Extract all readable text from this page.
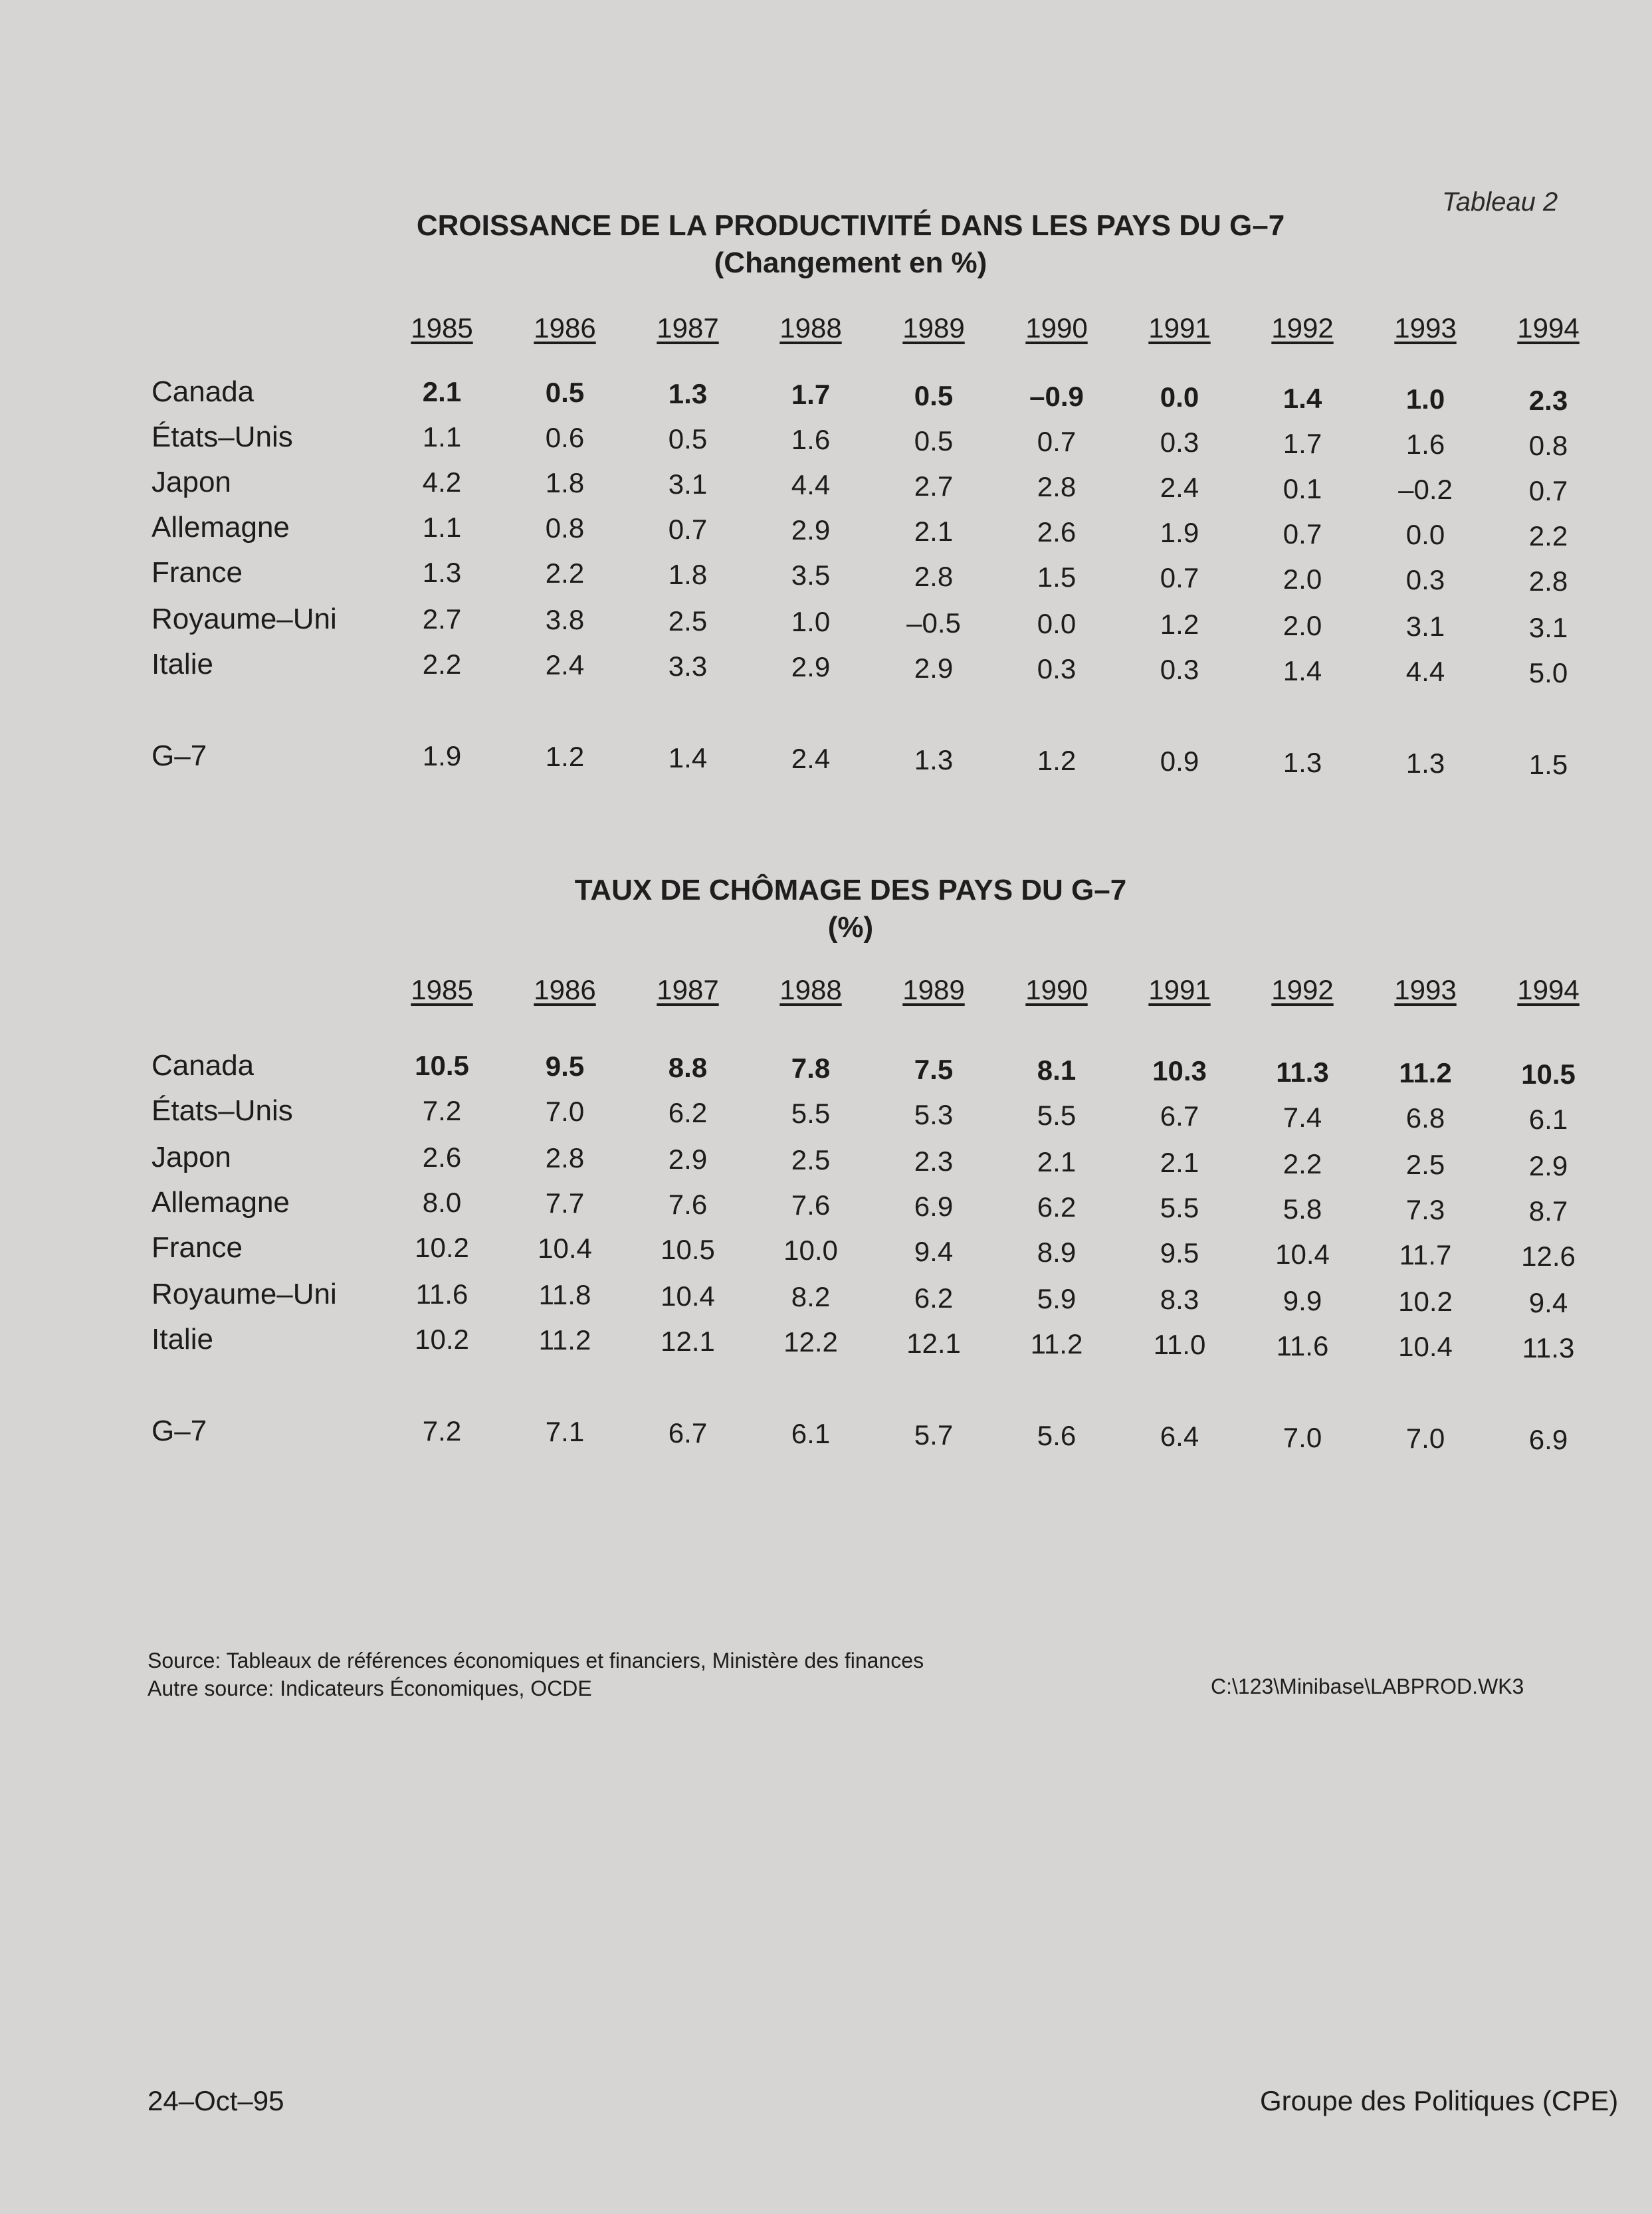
Tableau 2
CROISSANCE DE LA PRODUCTIVITÉ DANS LES PAYS DU G–7
(Changement en %)
1985	1986	1987	1988	1989	1990	1991	1992	1993	1994
Canada	2.1	0.5	1.3	1.7	0.5	–0.9	0.0	1.4	1.0	2.3
États–Unis	1.1	0.6	0.5	1.6	0.5	0.7	0.3	1.7	1.6	0.8
Japon	4.2	1.8	3.1	4.4	2.7	2.8	2.4	0.1	–0.2	0.7
Allemagne	1.1	0.8	0.7	2.9	2.1	2.6	1.9	0.7	0.0	2.2
France	1.3	2.2	1.8	3.5	2.8	1.5	0.7	2.0	0.3	2.8
Royaume–Uni	2.7	3.8	2.5	1.0	–0.5	0.0	1.2	2.0	3.1	3.1
Italie	2.2	2.4	3.3	2.9	2.9	0.3	0.3	1.4	4.4	5.0
G–7	1.9	1.2	1.4	2.4	1.3	1.2	0.9	1.3	1.3	1.5
TAUX DE CHÔMAGE DES PAYS DU G–7
(%)
1985	1986	1987	1988	1989	1990	1991	1992	1993	1994
Canada	10.5	9.5	8.8	7.8	7.5	8.1	10.3	11.3	11.2	10.5
États–Unis	7.2	7.0	6.2	5.5	5.3	5.5	6.7	7.4	6.8	6.1
Japon	2.6	2.8	2.9	2.5	2.3	2.1	2.1	2.2	2.5	2.9
Allemagne	8.0	7.7	7.6	7.6	6.9	6.2	5.5	5.8	7.3	8.7
France	10.2	10.4	10.5	10.0	9.4	8.9	9.5	10.4	11.7	12.6
Royaume–Uni	11.6	11.8	10.4	8.2	6.2	5.9	8.3	9.9	10.2	9.4
Italie	10.2	11.2	12.1	12.2	12.1	11.2	11.0	11.6	10.4	11.3
G–7	7.2	7.1	6.7	6.1	5.7	5.6	6.4	7.0	7.0	6.9
Source: Tableaux de références économiques et financiers, Ministère des finances
Autre source: Indicateurs Économiques, OCDE	C:\123\Minibase\LABPROD.WK3
24–Oct–95	Groupe des Politiques (CPE)
